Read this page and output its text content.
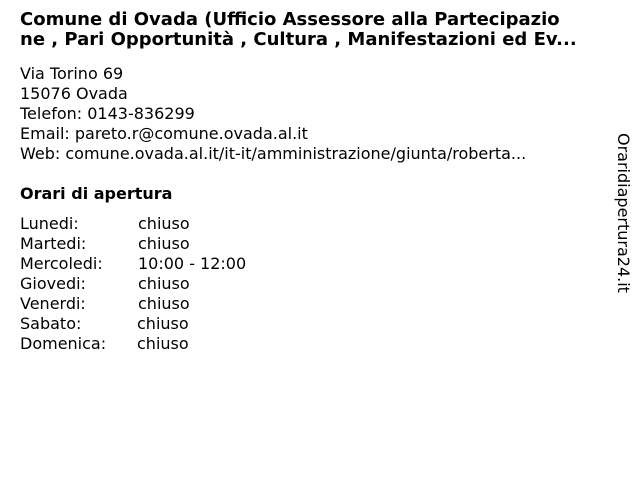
Comune di Ovada (Ufficio Assessore alla Partecipazio
ne , Pari Opportunità , Cultura , Manifestazioni ed Ev...
Via Torino 69
15076 Ovada
Telefon: 0143-836299
Email: pareto.r@comune.ovada.al.it
Web: comune.ovada.al.it/it-it/amministrazione/giunta/roberta...
Orari di apertura
Lunedi:	chiuso
Martedi:	chiuso
Mercoledi: 10:00 - 12:00
Giovedi:	chiuso
Venerdi:	chiuso
Sabato:	chiuso
Domenica: chiuso
Oraridiapertura24.it
